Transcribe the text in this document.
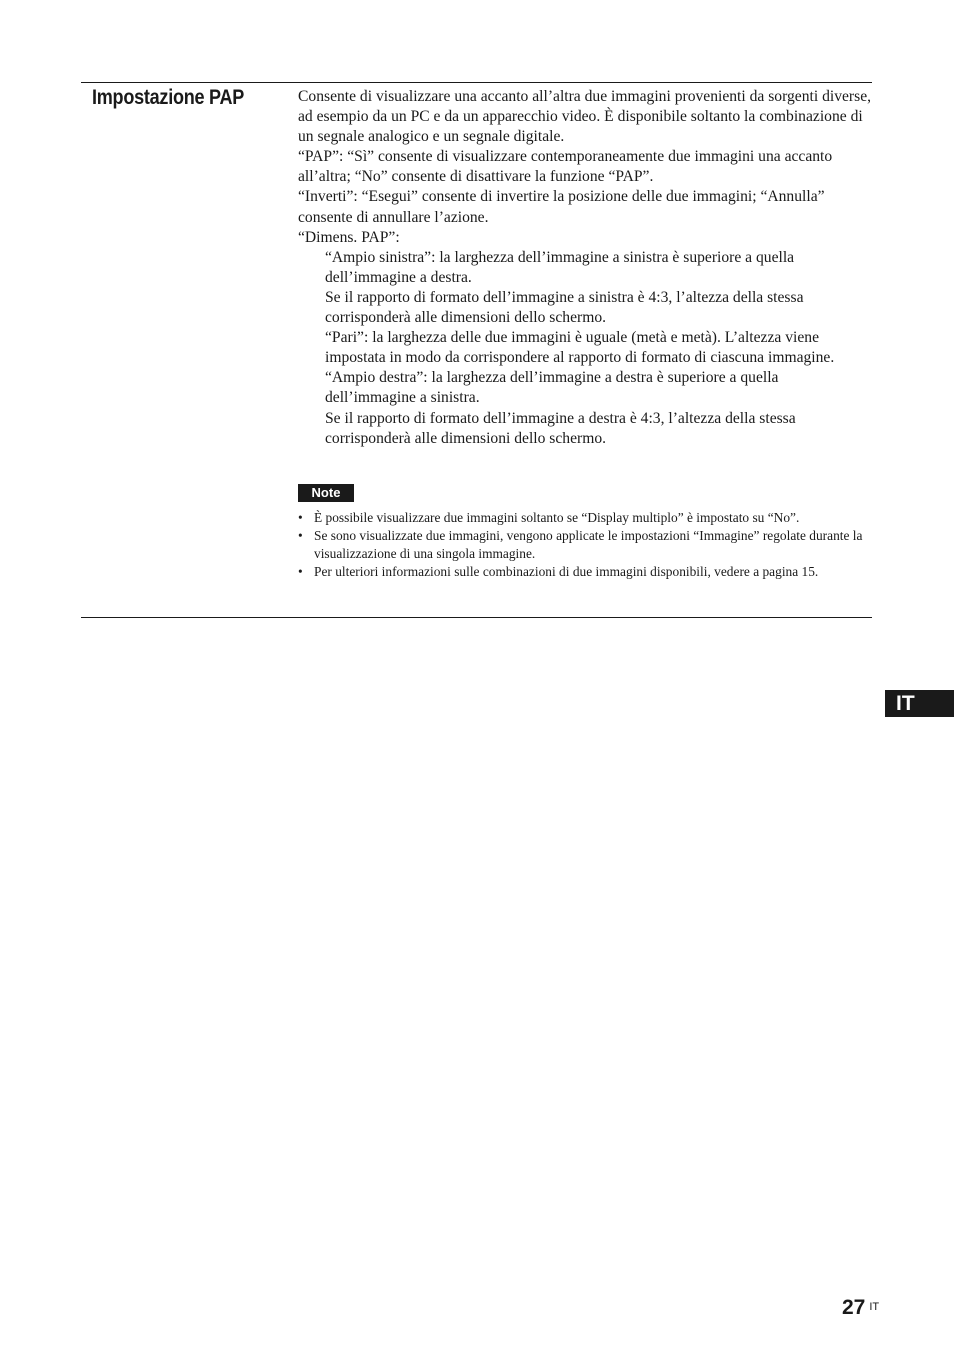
Impostazione PAP	Consente di visualizzare una accanto all’altra due immagini provenienti da sorgenti diverse, ad esempio da un PC e da un apparecchio video. È disponibile soltanto la combinazione di un segnale analogico e un segnale digitale.

“PAP”: “Sì” consente di visualizzare contemporaneamente due immagini una accanto all’altra; “No” consente di disattivare la funzione “PAP”.

“Inverti”: “Esegui” consente di invertire la posizione delle due immagini; “Annulla” consente di annullare l’azione.

“Dimens. PAP”:

“Ampio sinistra”: la larghezza dell’immagine a sinistra è superiore a quella dell’immagine a destra.

Se il rapporto di formato dell’immagine a sinistra è 4:3, l’altezza della stessa corrisponderà alle dimensioni dello schermo.

“Pari”: la larghezza delle due immagini è uguale (metà e metà). L’altezza viene impostata in modo da corrispondere al rapporto di formato di ciascuna immagine.

“Ampio destra”: la larghezza dell’immagine a destra è superiore a quella dell’immagine a sinistra.

Se il rapporto di formato dell’immagine a destra è 4:3, l’altezza della stessa corrisponderà alle dimensioni dello schermo.

Note
• È possibile visualizzare due immagini soltanto se “Display multiplo” è impostato su “No”.
• Se sono visualizzate due immagini, vengono applicate le impostazioni “Immagine” regolate durante la visualizzazione di una singola immagine.
• Per ulteriori informazioni sulle combinazioni di due immagini disponibili, vedere a pagina 15.
IT
27 $^{IT}$
